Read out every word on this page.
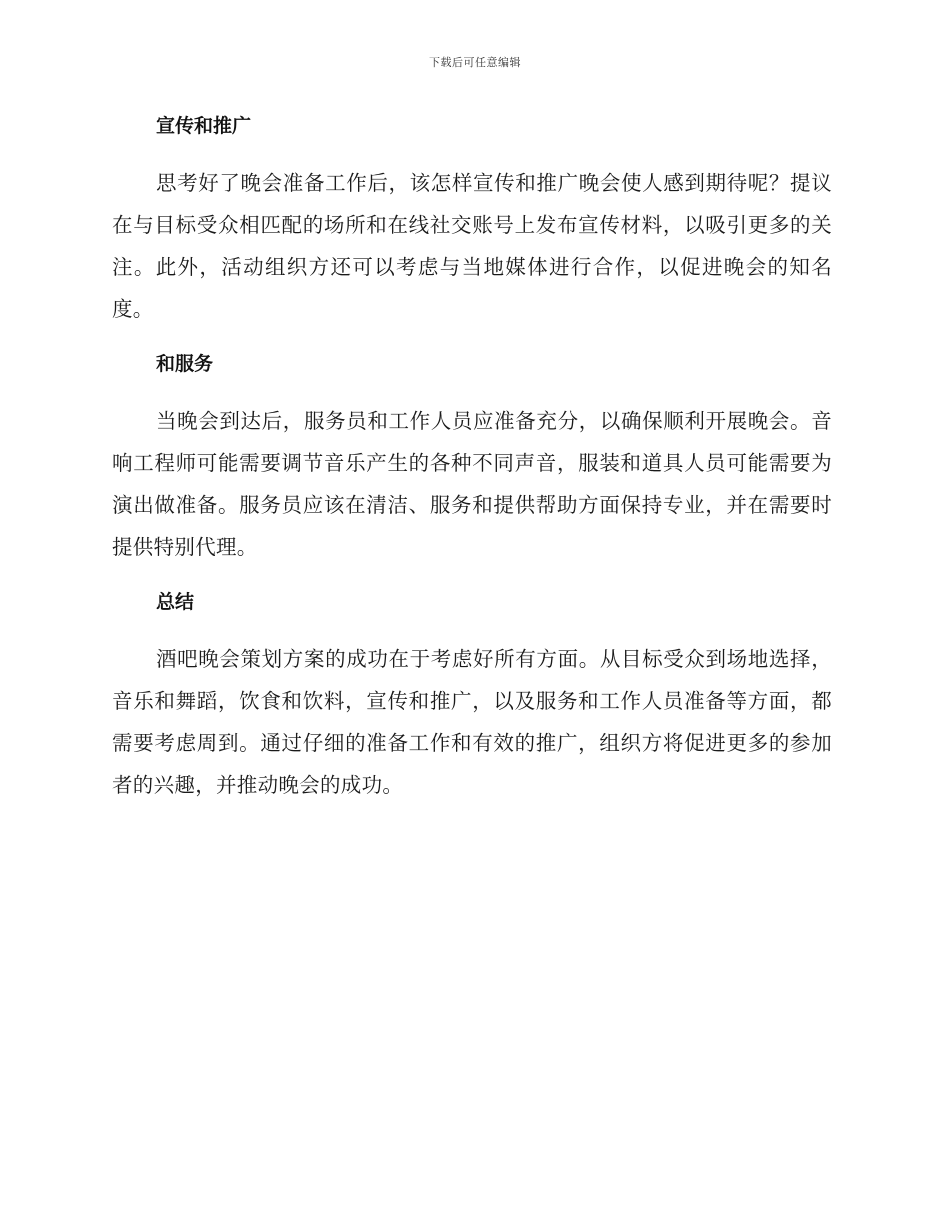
下载后可任意编辑
宣传和推广

思考好了晚会准备工作后，该怎样宣传和推广晚会使人感到期待呢？提议在与目标受众相匹配的场所和在线社交账号上发布宣传材料，以吸引更多的关注。此外，活动组织方还可以考虑与当地媒体进行合作，以促进晚会的知名度。

和服务

当晚会到达后，服务员和工作人员应准备充分，以确保顺利开展晚会。音响工程师可能需要调节音乐产生的各种不同声音，服装和道具人员可能需要为演出做准备。服务员应该在清洁、服务和提供帮助方面保持专业，并在需要时提供特别代理。

总结

酒吧晚会策划方案的成功在于考虑好所有方面。从目标受众到场地选择，音乐和舞蹈，饮食和饮料，宣传和推广，以及服务和工作人员准备等方面，都需要考虑周到。通过仔细的准备工作和有效的推广，组织方将促进更多的参加者的兴趣，并推动晚会的成功。
